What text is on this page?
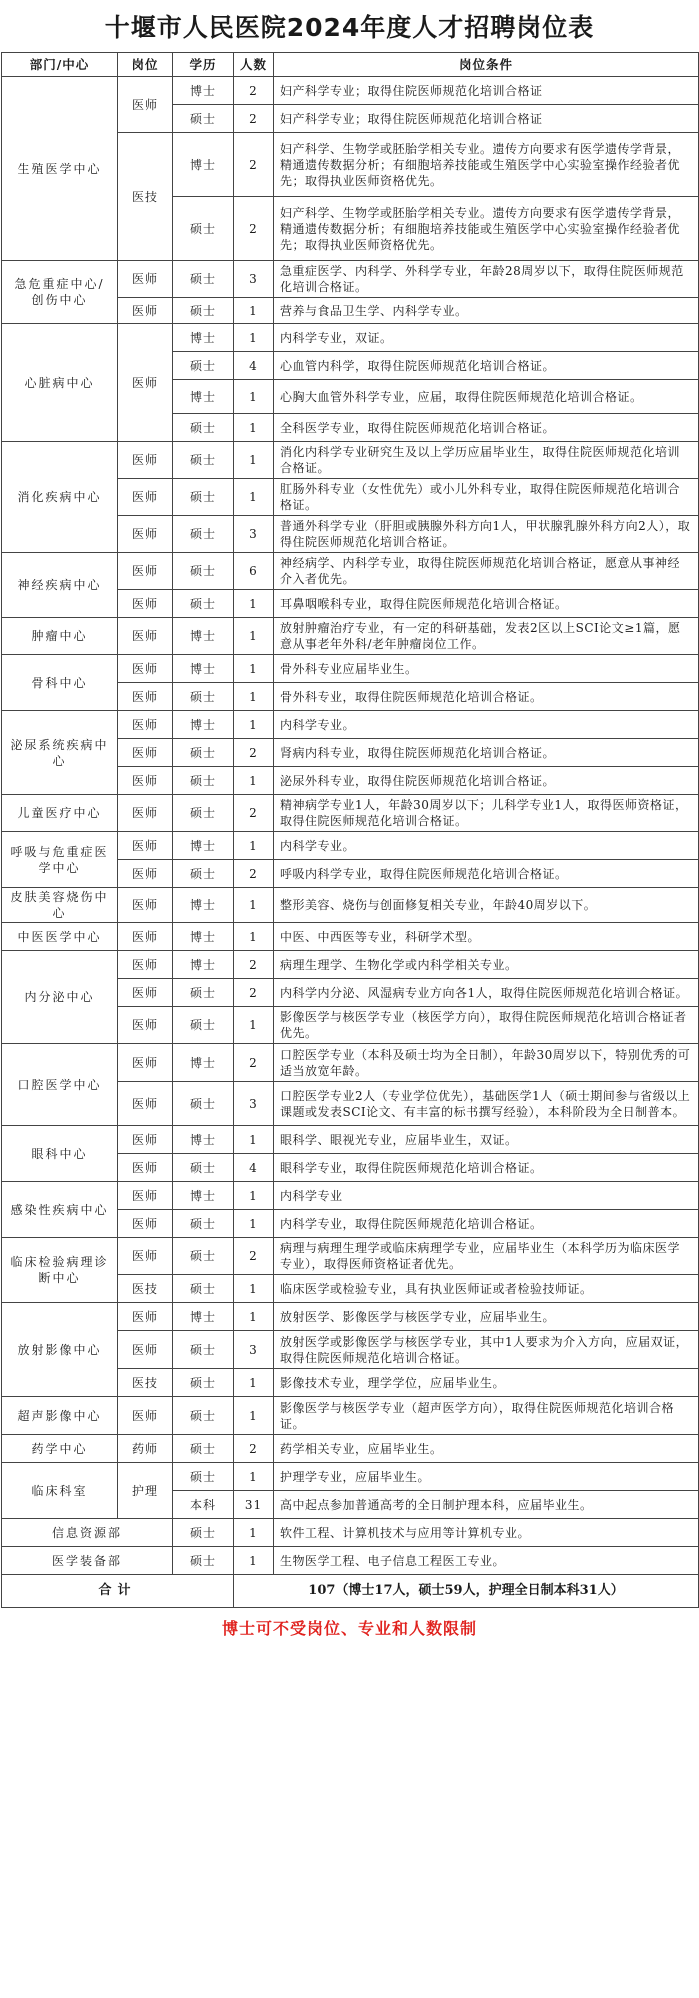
十堰市人民医院2024年度人才招聘岗位表
部门/中心	岗位	学历	人数	岗位条件
生殖医学中心	医师	博士	2	妇产科学专业；取得住院医师规范化培训合格证
		硕士	2	妇产科学专业；取得住院医师规范化培训合格证
	医技	博士	2	妇产科学、生物学或胚胎学相关专业。遗传方向要求有医学遗传学背景，精通遗传数据分析；有细胞培养技能或生殖医学中心实验室操作经验者优先；取得执业医师资格优先。
		硕士	2	妇产科学、生物学或胚胎学相关专业。遗传方向要求有医学遗传学背景，精通遗传数据分析；有细胞培养技能或生殖医学中心实验室操作经验者优先；取得执业医师资格优先。
急危重症中心/创伤中心	医师	硕士	3	急重症医学、内科学、外科学专业，年龄28周岁以下，取得住院医师规范化培训合格证。
	医师	硕士	1	营养与食品卫生学、内科学专业。
心脏病中心	医师	博士	1	内科学专业，双证。
		硕士	4	心血管内科学，取得住院医师规范化培训合格证。
		博士	1	心胸大血管外科学专业，应届，取得住院医师规范化培训合格证。
		硕士	1	全科医学专业，取得住院医师规范化培训合格证。
消化疾病中心	医师	硕士	1	消化内科学专业研究生及以上学历应届毕业生，取得住院医师规范化培训合格证。
	医师	硕士	1	肛肠外科专业（女性优先）或小儿外科专业，取得住院医师规范化培训合格证。
	医师	硕士	3	普通外科学专业（肝胆或胰腺外科方向1人，甲状腺乳腺外科方向2人），取得住院医师规范化培训合格证。
神经疾病中心	医师	硕士	6	神经病学、内科学专业，取得住院医师规范化培训合格证，愿意从事神经介入者优先。
	医师	硕士	1	耳鼻咽喉科专业，取得住院医师规范化培训合格证。
肿瘤中心	医师	博士	1	放射肿瘤治疗专业，有一定的科研基础，发表2区以上SCI论文≥1篇，愿意从事老年外科/老年肿瘤岗位工作。
骨科中心	医师	博士	1	骨外科专业应届毕业生。
	医师	硕士	1	骨外科专业，取得住院医师规范化培训合格证。
泌尿系统疾病中心	医师	博士	1	内科学专业。
	医师	硕士	2	肾病内科专业，取得住院医师规范化培训合格证。
	医师	硕士	1	泌尿外科专业，取得住院医师规范化培训合格证。
儿童医疗中心	医师	硕士	2	精神病学专业1人，年龄30周岁以下；儿科学专业1人，取得医师资格证，取得住院医师规范化培训合格证。
呼吸与危重症医学中心	医师	博士	1	内科学专业。
	医师	硕士	2	呼吸内科学专业，取得住院医师规范化培训合格证。
皮肤美容烧伤中心	医师	博士	1	整形美容、烧伤与创面修复相关专业，年龄40周岁以下。
中医医学中心	医师	博士	1	中医、中西医等专业，科研学术型。
内分泌中心	医师	博士	2	病理生理学、生物化学或内科学相关专业。
	医师	硕士	2	内科学内分泌、风湿病专业方向各1人，取得住院医师规范化培训合格证。
	医师	硕士	1	影像医学与核医学专业（核医学方向），取得住院医师规范化培训合格证者优先。
口腔医学中心	医师	博士	2	口腔医学专业（本科及硕士均为全日制），年龄30周岁以下，特别优秀的可适当放宽年龄。
	医师	硕士	3	口腔医学专业2人（专业学位优先），基础医学1人（硕士期间参与省级以上课题或发表SCI论文、有丰富的标书撰写经验），本科阶段为全日制普本。
眼科中心	医师	博士	1	眼科学、眼视光专业，应届毕业生，双证。
	医师	硕士	4	眼科学专业，取得住院医师规范化培训合格证。
感染性疾病中心	医师	博士	1	内科学专业
	医师	硕士	1	内科学专业，取得住院医师规范化培训合格证。
临床检验病理诊断中心	医师	硕士	2	病理与病理生理学或临床病理学专业，应届毕业生（本科学历为临床医学专业），取得医师资格证者优先。
	医技	硕士	1	临床医学或检验专业，具有执业医师证或者检验技师证。
放射影像中心	医师	博士	1	放射医学、影像医学与核医学专业，应届毕业生。
	医师	硕士	3	放射医学或影像医学与核医学专业，其中1人要求为介入方向，应届双证，取得住院医师规范化培训合格证。
	医技	硕士	1	影像技术专业，理学学位，应届毕业生。
超声影像中心	医师	硕士	1	影像医学与核医学专业（超声医学方向），取得住院医师规范化培训合格证。
药学中心	药师	硕士	2	药学相关专业，应届毕业生。
临床科室	护理	硕士	1	护理学专业，应届毕业生。
		本科	31	高中起点参加普通高考的全日制护理本科，应届毕业生。
信息资源部		硕士	1	软件工程、计算机技术与应用等计算机专业。
医学装备部		硕士	1	生物医学工程、电子信息工程医工专业。
合计			107（博士17人，硕士59人，护理全日制本科31人）	
博士可不受岗位、专业和人数限制
